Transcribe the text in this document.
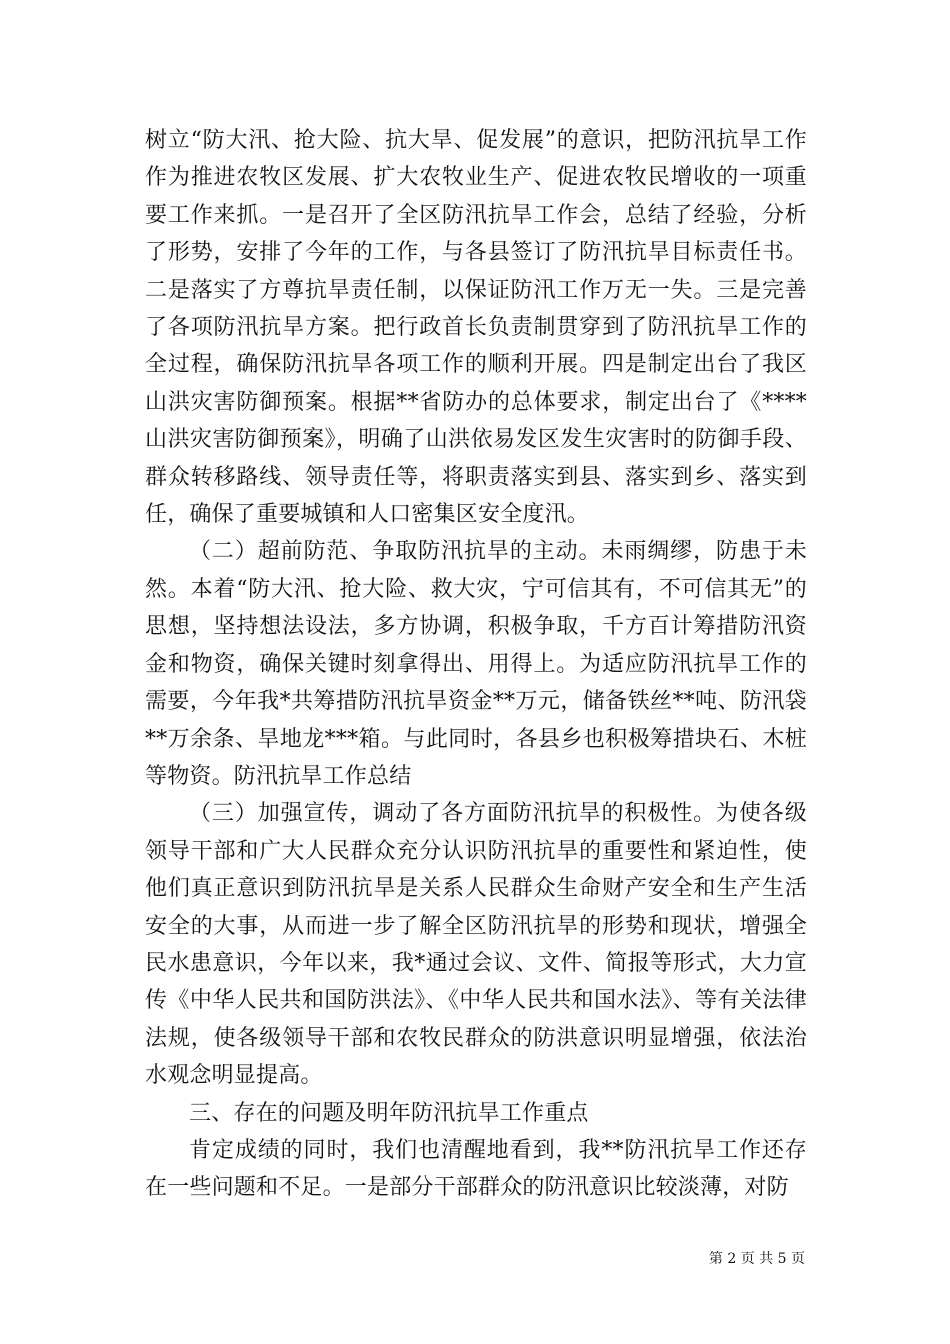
树立“防大汛、抢大险、抗大旱、促发展”的意识，把防汛抗旱工作作为推进农牧区发展、扩大农牧业生产、促进农牧民增收的一项重要工作来抓。一是召开了全区防汛抗旱工作会，总结了经验，分析了形势，安排了今年的工作，与各县签订了防汛抗旱目标责任书。二是落实了方尊抗旱责任制，以保证防汛工作万无一失。三是完善了各项防汛抗旱方案。把行政首长负责制贯穿到了防汛抗旱工作的全过程，确保防汛抗旱各项工作的顺利开展。四是制定出台了我区山洪灾害防御预案。根据**省防办的总体要求，制定出台了《****山洪灾害防御预案》，明确了山洪依易发区发生灾害时的防御手段、群众转移路线、领导责任等，将职责落实到县、落实到乡、落实到任，确保了重要城镇和人口密集区安全度汛。

（二）超前防范、争取防汛抗旱的主动。未雨绸缪，防患于未然。本着“防大汛、抢大险、救大灾，宁可信其有，不可信其无”的思想，坚持想法设法，多方协调，积极争取，千方百计筹措防汛资金和物资，确保关键时刻拿得出、用得上。为适应防汛抗旱工作的需要，今年我*共筹措防汛抗旱资金**万元，储备铁丝**吨、防汛袋**万余条、旱地龙***箱。与此同时，各县乡也积极筹措块石、木桩等物资。防汛抗旱工作总结

（三）加强宣传，调动了各方面防汛抗旱的积极性。为使各级领导干部和广大人民群众充分认识防汛抗旱的重要性和紧迫性，使他们真正意识到防汛抗旱是关系人民群众生命财产安全和生产生活安全的大事，从而进一步了解全区防汛抗旱的形势和现状，增强全民水患意识，今年以来，我*通过会议、文件、简报等形式，大力宣传《中华人民共和国防洪法》、《中华人民共和国水法》、等有关法律法规，使各级领导干部和农牧民群众的防洪意识明显增强，依法治水观念明显提高。

三、存在的问题及明年防汛抗旱工作重点

肯定成绩的同时，我们也清醒地看到，我**防汛抗旱工作还存在一些问题和不足。一是部分干部群众的防汛意识比较淡薄，对防

第 2 页 共 5 页
